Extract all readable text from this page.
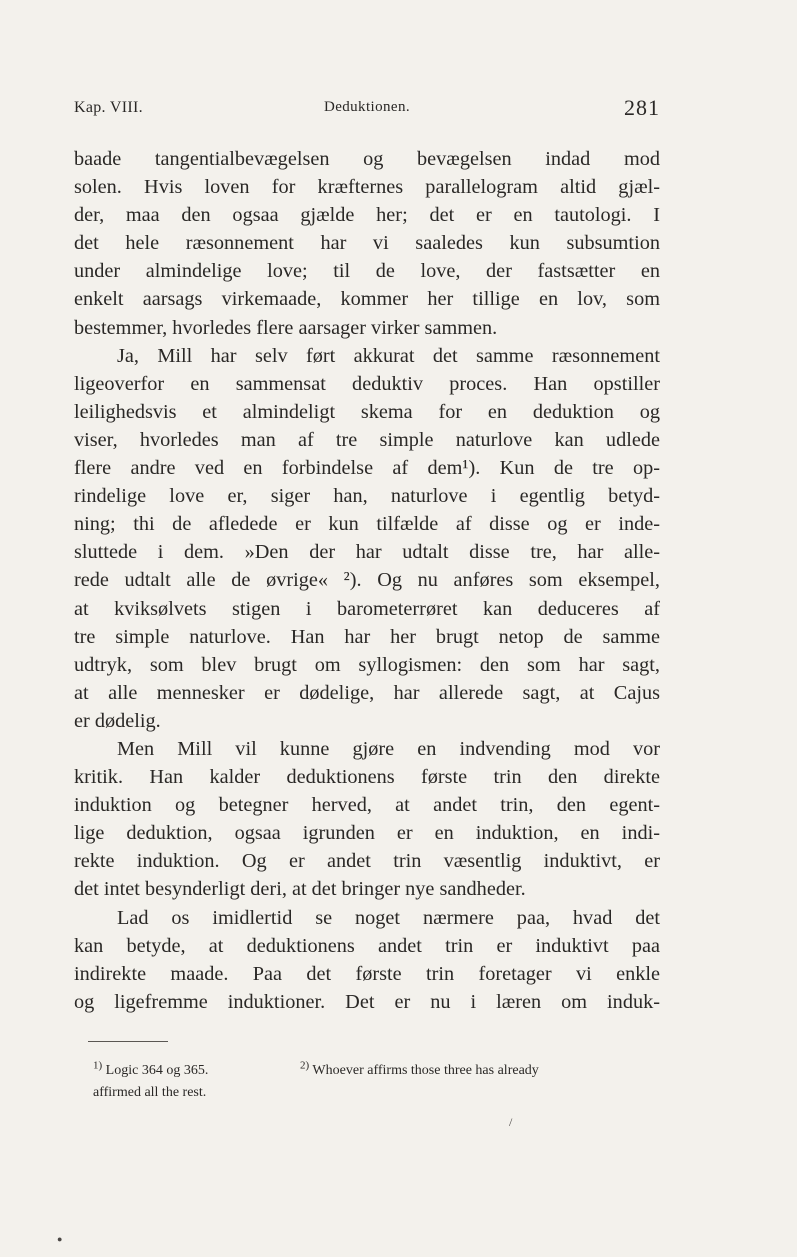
Kap. VIII.	Deduktionen.	281
baade tangentialbevægelsen og bevægelsen indad mod
solen. Hvis loven for kræfternes parallelogram altid gjæl-
der, maa den ogsaa gjælde her; det er en tautologi. I
det hele ræsonnement har vi saaledes kun subsumtion
under almindelige love; til de love, der fastsætter en
enkelt aarsags virkemaade, kommer her tillige en lov, som
bestemmer, hvorledes flere aarsager virker sammen.
Ja, Mill har selv ført akkurat det samme ræsonnement
ligeoverfor en sammensat deduktiv proces. Han opstiller
leilighedsvis et almindeligt skema for en deduktion og
viser, hvorledes man af tre simple naturlove kan udlede
flere andre ved en forbindelse af dem¹). Kun de tre op-
rindelige love er, siger han, naturlove i egentlig betyd-
ning; thi de afledede er kun tilfælde af disse og er inde-
sluttede i dem. »Den der har udtalt disse tre, har alle-
rede udtalt alle de øvrige« ²). Og nu anføres som eksempel,
at kviksølvets stigen i barometerrøret kan deduceres af
tre simple naturlove. Han har her brugt netop de samme
udtryk, som blev brugt om syllogismen: den som har sagt,
at alle mennesker er dødelige, har allerede sagt, at Cajus
er dødelig.
Men Mill vil kunne gjøre en indvending mod vor
kritik. Han kalder deduktionens første trin den direkte
induktion og betegner herved, at andet trin, den egent-
lige deduktion, ogsaa igrunden er en induktion, en indi-
rekte induktion. Og er andet trin væsentlig induktivt, er
det intet besynderligt deri, at det bringer nye sandheder.
Lad os imidlertid se noget nærmere paa, hvad det
kan betyde, at deduktionens andet trin er induktivt paa
indirekte maade. Paa det første trin foretager vi enkle
og ligefremme induktioner. Det er nu i læren om induk-
$^{1)}$ Logic 364 og 365.	$^{2)}$ Whoever affirms those three has already
affirmed all the rest.
/
●
